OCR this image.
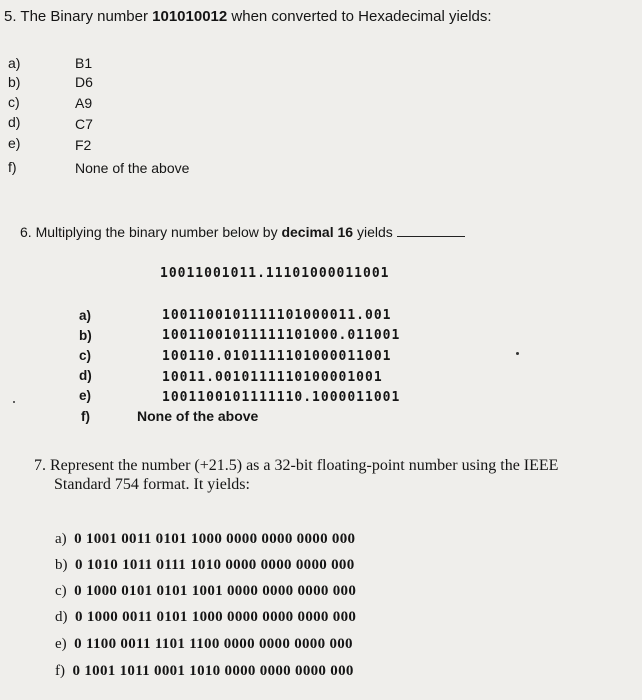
5. The Binary number 101010012 when converted to Hexadecimal yields:
a)	B1
b)	D6
c)	A9
d)	C7
e)	F2
f)	None of the above
6. Multiplying the binary number below by decimal 16 yields
10011001011.11101000011001
a)	1001100101111101000011.001
b)	10011001011111101000.011001
c)	100110.0101111101000011001
d)	10011.0010111110100001001
e)	1001100101111110.1000011001
f)	None of the above
7. Represent the number (+21.5) as a 32-bit floating-point number using the IEEE
Standard 754 format. It yields:
a) 0 1001 0011 0101 1000 0000 0000 0000 000
b) 0 1010 1011 0111 1010 0000 0000 0000 000
c) 0 1000 0101 0101 1001 0000 0000 0000 000
d) 0 1000 0011 0101 1000 0000 0000 0000 000
e) 0 1100 0011 1101 1100 0000 0000 0000 000
f) 0 1001 1011 0001 1010 0000 0000 0000 000
